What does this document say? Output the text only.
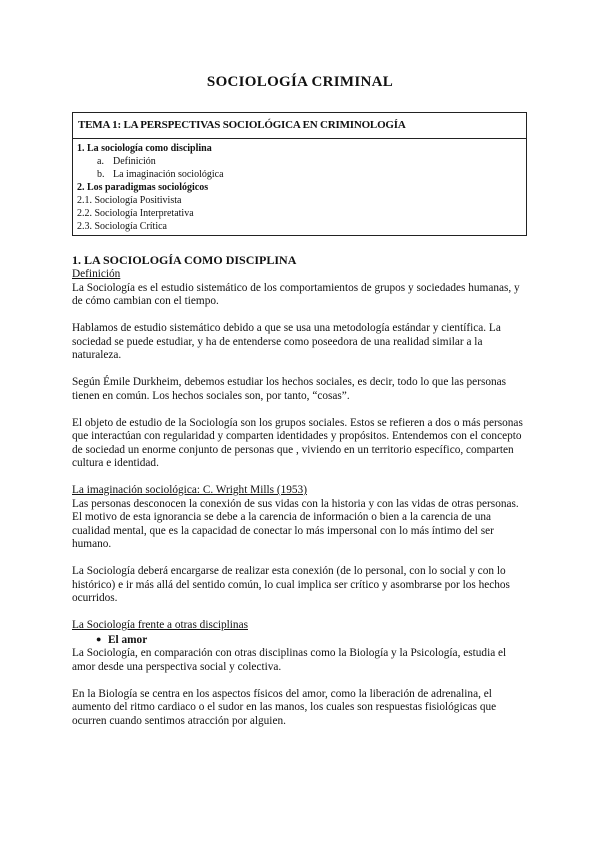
SOCIOLOGÍA CRIMINAL
TEMA 1: LA PERSPECTIVAS SOCIOLÓGICA EN CRIMINOLOGÍA
1. La sociología como disciplina
a. Definición
b. La imaginación sociológica
2. Los paradigmas sociológicos
2.1. Sociología Positivista
2.2. Sociología Interpretativa
2.3. Sociología Crítica

1. LA SOCIOLOGÍA COMO DISCIPLINA

Definición

La Sociología es el estudio sistemático de los comportamientos de grupos y sociedades humanas, y de cómo cambian con el tiempo.

Hablamos de estudio sistemático debido a que se usa una metodología estándar y científica. La sociedad se puede estudiar, y ha de entenderse como poseedora de una realidad similar a la naturaleza.

Según Émile Durkheim, debemos estudiar los hechos sociales, es decir, todo lo que las personas tienen en común. Los hechos sociales son, por tanto, “cosas”.

El objeto de estudio de la Sociología son los grupos sociales. Estos se refieren a dos o más personas que interactúan con regularidad y comparten identidades y propósitos. Entendemos con el concepto de sociedad un enorme conjunto de personas que , viviendo en un territorio específico, comparten cultura e identidad.

La imaginación sociológica: C. Wright Mills (1953)

Las personas desconocen la conexión de sus vidas con la historia y con las vidas de otras personas. El motivo de esta ignorancia se debe a la carencia de información o bien a la carencia de una cualidad mental, que es la capacidad de conectar lo más impersonal con lo más íntimo del ser humano.

La Sociología deberá encargarse de realizar esta conexión (de lo personal, con lo social y con lo histórico) e ir más allá del sentido común, lo cual implica ser crítico y asombrarse por los hechos ocurridos.

La Sociología frente a otras disciplinas

● El amor

La Sociología, en comparación con otras disciplinas como la Biología y la Psicología, estudia el amor desde una perspectiva social y colectiva.

En la Biología se centra en los aspectos físicos del amor, como la liberación de adrenalina, el aumento del ritmo cardiaco o el sudor en las manos, los cuales son respuestas fisiológicas que ocurren cuando sentimos atracción por alguien.
